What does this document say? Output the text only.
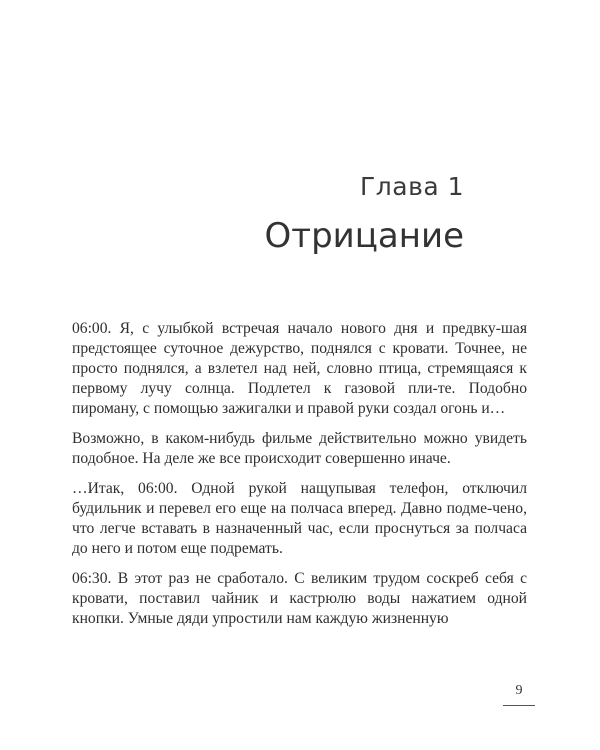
Глава 1
Отрицание

06:00. Я, с улыбкой встречая начало нового дня и предвку-шая предстоящее суточное дежурство, поднялся с кровати. Точнее, не просто поднялся, а взлетел над ней, словно птица, стремящаяся к первому лучу солнца. Подлетел к газовой пли-те. Подобно пироману, с помощью зажигалки и правой руки создал огонь и…

Возможно, в каком-нибудь фильме действительно можно увидеть подобное. На деле же все происходит совершенно иначе.

…Итак, 06:00. Одной рукой нащупывая телефон, отключил будильник и перевел его еще на полчаса вперед. Давно подме-чено, что легче вставать в назначенный час, если проснуться за полчаса до него и потом еще подремать.

06:30. В этот раз не сработало. С великим трудом соскреб себя с кровати, поставил чайник и кастрюлю воды нажатием одной кнопки. Умные дяди упростили нам каждую жизненную

9
